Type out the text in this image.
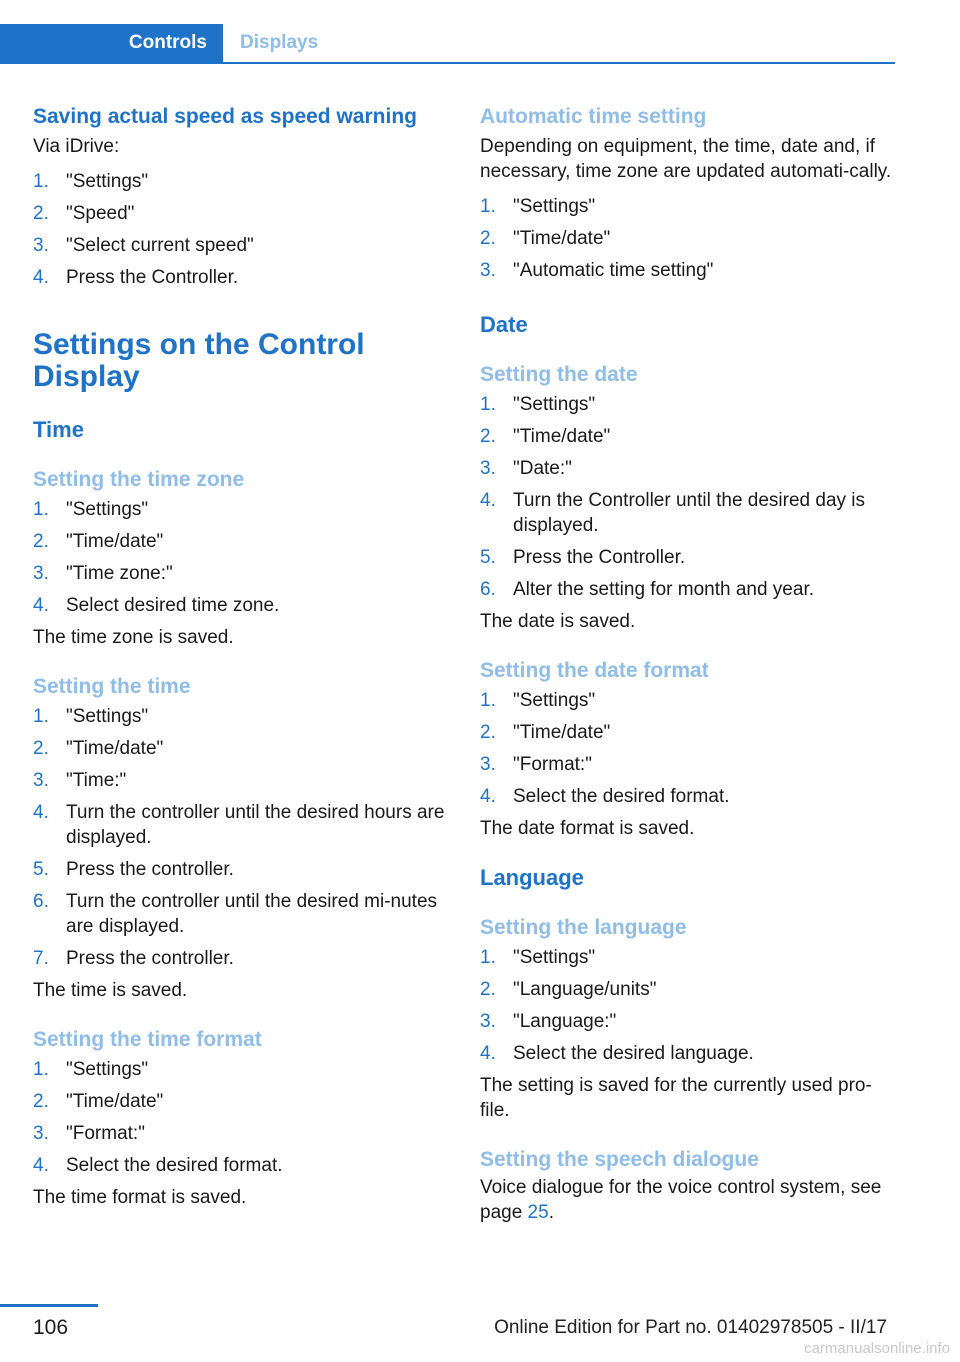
Controls	Displays
Saving actual speed as speed warning

Via iDrive:

1. "Settings"
2. "Speed"
3. "Select current speed"
4. Press the Controller.
Settings on the Control Display
Time
Setting the time zone
1. "Settings"
2. "Time/date"
3. "Time zone:"
4. Select desired time zone.

The time zone is saved.

Setting the time
1. "Settings"
2. "Time/date"
3. "Time:"
4. Turn the controller until the desired hours are displayed.
5. Press the controller.
6. Turn the controller until the desired mi‐nutes are displayed.
7. Press the controller.

The time is saved.

Setting the time format
1. "Settings"
2. "Time/date"
3. "Format:"
4. Select the desired format.

The time format is saved.

Automatic time setting

Depending on equipment, the time, date and, if necessary, time zone are updated automati‐cally.

1. "Settings"
2. "Time/date"
3. "Automatic time setting"
Date
Setting the date
1. "Settings"
2. "Time/date"
3. "Date:"
4. Turn the Controller until the desired day is displayed.
5. Press the Controller.
6. Alter the setting for month and year.

The date is saved.

Setting the date format
1. "Settings"
2. "Time/date"
3. "Format:"
4. Select the desired format.

The date format is saved.

Language
Setting the language
1. "Settings"
2. "Language/units"
3. "Language:"
4. Select the desired language.

The setting is saved for the currently used pro‐file.

Setting the speech dialogue

Voice dialogue for the voice control system, see page 25.

106	Online Edition for Part no. 01402978505 - II/17
carmanualsonline.info
